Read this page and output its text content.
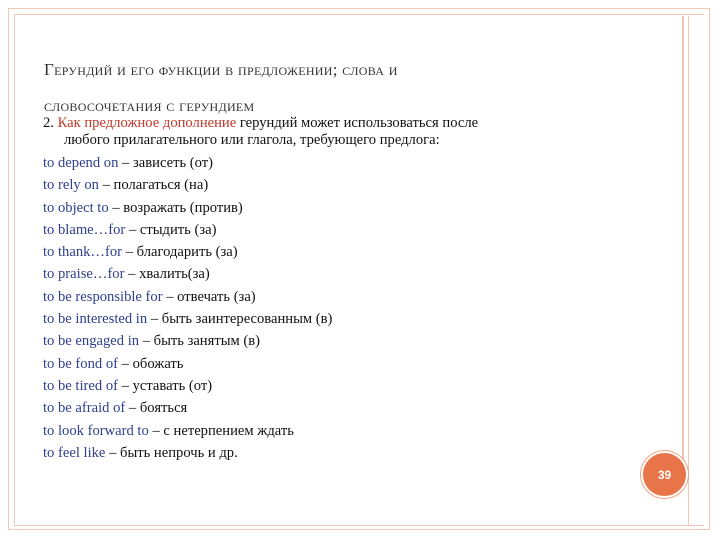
Герундий и его функции в предложении; слова и
словосочетания с герундием
2. Как предложное дополнение герундий может использоваться после
любого прилагательного или глагола, требующего предлога:
to depend on – зависеть (от)
to rely on – полагаться (на)
to object to – возражать (против)
to blame…for – стыдить (за)
to thank…for – благодарить (за)
to praise…for – хвалить(за)
to be responsible for – отвечать (за)
to be interested in – быть заинтересованным (в)
to be engaged in – быть занятым (в)
to be fond of – обожать
to be tired of – уставать (от)
to be afraid of – бояться
to look forward to – с нетерпением ждать
to feel like – быть непрочь и др.
39
